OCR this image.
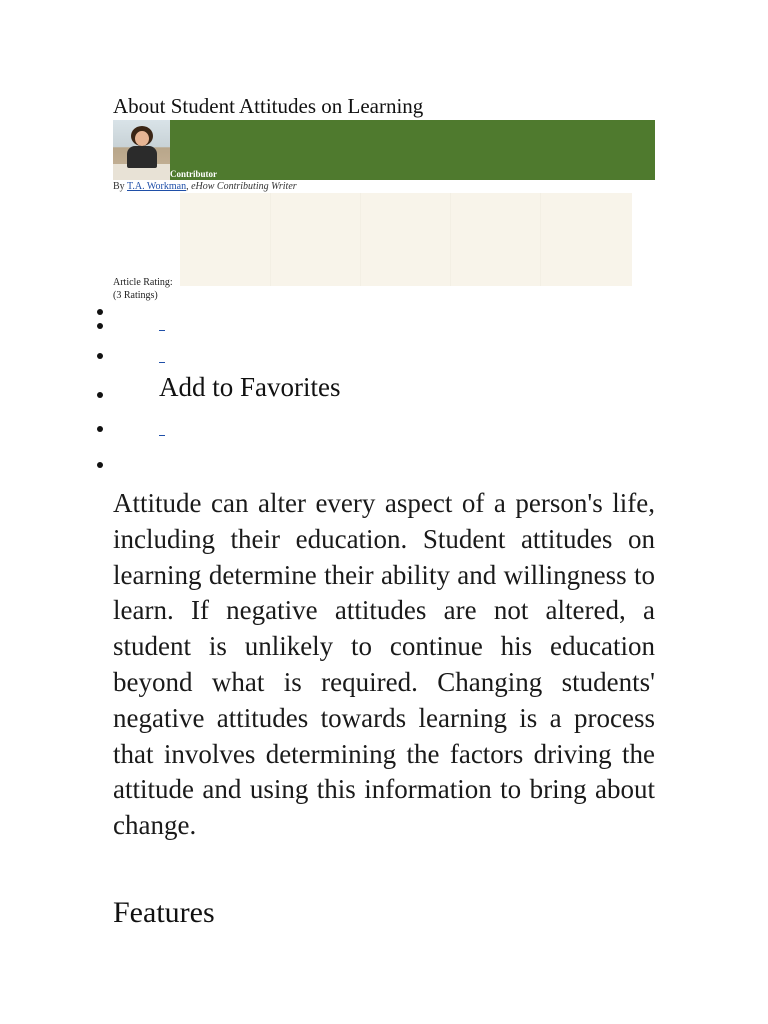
About Student Attitudes on Learning
Contributor
By T.A. Workman, eHow Contributing Writer
Article Rating:
(3 Ratings)
Add to Favorites

Attitude can alter every aspect of a person's life, including their education. Student attitudes on learning determine their ability and willingness to learn. If negative attitudes are not altered, a student is unlikely to continue his education beyond what is required. Changing students' negative attitudes towards learning is a process that involves determining the factors driving the attitude and using this information to bring about change.

Features
